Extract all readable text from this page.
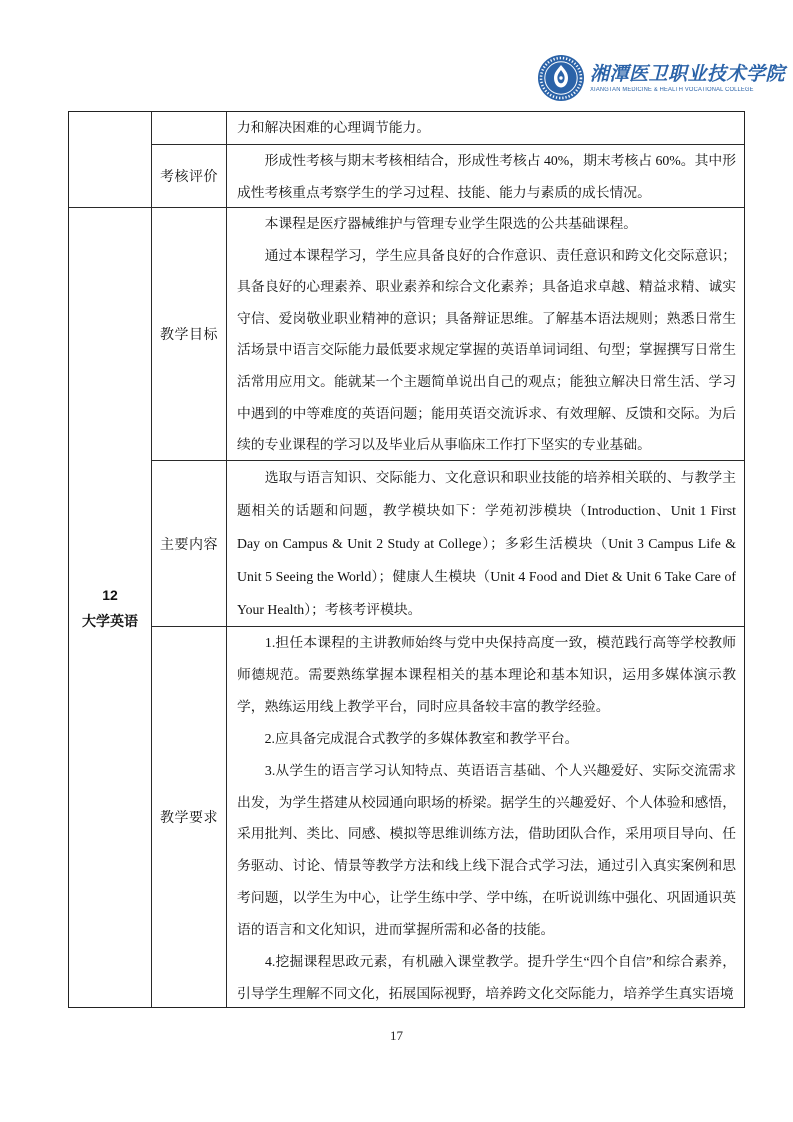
湘潭医卫职业技术学院
XIANGTAN MEDICINE & HEALTH VOCATIONAL COLLEGE
12
大学英语

力和解决困难的心理调节能力。

考核评价

　　形成性考核与期末考核相结合，形成性考核占 40%，期末考核占 60%。其中形成性考核重点考察学生的学习过程、技能、能力与素质的成长情况。

教学目标

　　本课程是医疗器械维护与管理专业学生限选的公共基础课程。

　　通过本课程学习，学生应具备良好的合作意识、责任意识和跨文化交际意识；具备良好的心理素养、职业素养和综合文化素养；具备追求卓越、精益求精、诚实守信、爱岗敬业职业精神的意识；具备辩证思维。了解基本语法规则；熟悉日常生活场景中语言交际能力最低要求规定掌握的英语单词词组、句型；掌握撰写日常生活常用应用文。能就某一个主题简单说出自己的观点；能独立解决日常生活、学习中遇到的中等难度的英语问题；能用英语交流诉求、有效理解、反馈和交际。为后续的专业课程的学习以及毕业后从事临床工作打下坚实的专业基础。

主要内容

　　选取与语言知识、交际能力、文化意识和职业技能的培养相关联的、与教学主题相关的话题和问题，教学模块如下：学苑初涉模块（Introduction、Unit 1 First Day on Campus & Unit 2 Study at College）；多彩生活模块（Unit 3 Campus Life & Unit 5 Seeing the World）；健康人生模块（Unit 4 Food and Diet & Unit 6 Take Care of Your Health）；考核考评模块。

教学要求

　　1.担任本课程的主讲教师始终与党中央保持高度一致，模范践行高等学校教师师德规范。需要熟练掌握本课程相关的基本理论和基本知识，运用多媒体演示教学，熟练运用线上教学平台，同时应具备较丰富的教学经验。

　　2.应具备完成混合式教学的多媒体教室和教学平台。

　　3.从学生的语言学习认知特点、英语语言基础、个人兴趣爱好、实际交流需求出发，为学生搭建从校园通向职场的桥梁。据学生的兴趣爱好、个人体验和感悟，采用批判、类比、同感、模拟等思维训练方法，借助团队合作，采用项目导向、任务驱动、讨论、情景等教学方法和线上线下混合式学习法，通过引入真实案例和思考问题，以学生为中心，让学生练中学、学中练，在听说训练中强化、巩固通识英语的语言和文化知识，进而掌握所需和必备的技能。

　　4.挖掘课程思政元素，有机融入课堂教学。提升学生“四个自信”和综合素养，引导学生理解不同文化，拓展国际视野，培养跨文化交际能力，培养学生真实语境

17
